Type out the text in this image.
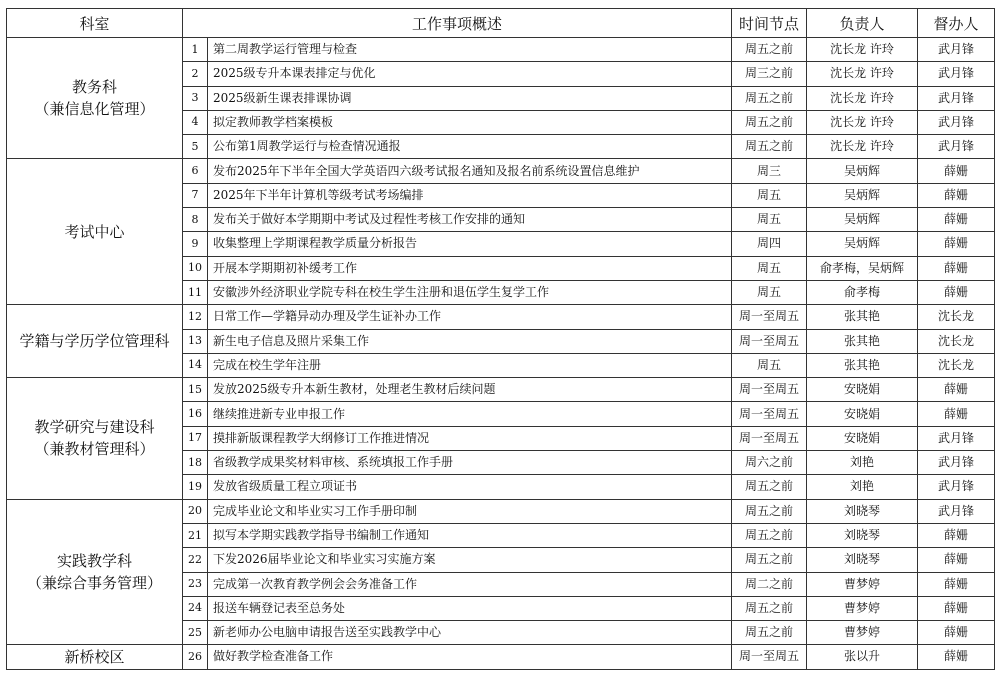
科室	工作事项概述		时间节点	负责人	督办人

教务科
（兼信息化管理）	1	第二周教学运行管理与检查	周五之前	沈长龙 许玲	武月锋
	2	2025级专升本课表排定与优化	周三之前	沈长龙 许玲	武月锋
	3	2025级新生课表排课协调	周五之前	沈长龙 许玲	武月锋
	4	拟定教师教学档案模板	周五之前	沈长龙 许玲	武月锋
	5	公布第1周教学运行与检查情况通报	周五之前	沈长龙 许玲	武月锋

考试中心	6	发布2025年下半年全国大学英语四六级考试报名通知及报名前系统设置信息维护	周三	吴炳辉	薛姗
	7	2025年下半年计算机等级考试考场编排	周五	吴炳辉	薛姗
	8	发布关于做好本学期期中考试及过程性考核工作安排的通知	周五	吴炳辉	薛姗
	9	收集整理上学期课程教学质量分析报告	周四	吴炳辉	薛姗
	10	开展本学期期初补缓考工作	周五	俞孝梅，吴炳辉	薛姗
	11	安徽涉外经济职业学院专科在校生学生注册和退伍学生复学工作	周五	俞孝梅	薛姗

学籍与学历学位管理科	12	日常工作—学籍异动办理及学生证补办工作	周一至周五	张其艳	沈长龙
	13	新生电子信息及照片采集工作	周一至周五	张其艳	沈长龙
	14	完成在校生学年注册	周五	张其艳	沈长龙

教学研究与建设科
（兼教材管理科）	15	发放2025级专升本新生教材，处理老生教材后续问题	周一至周五	安晓娟	薛姗
	16	继续推进新专业申报工作	周一至周五	安晓娟	薛姗
	17	摸排新版课程教学大纲修订工作推进情况	周一至周五	安晓娟	武月锋
	18	省级教学成果奖材料审核、系统填报工作手册	周六之前	刘艳	武月锋
	19	发放省级质量工程立项证书	周五之前	刘艳	武月锋

实践教学科
（兼综合事务管理）	20	完成毕业论文和毕业实习工作手册印制	周五之前	刘晓琴	武月锋
	21	拟写本学期实践教学指导书编制工作通知	周五之前	刘晓琴	薛姗
	22	下发2026届毕业论文和毕业实习实施方案	周五之前	刘晓琴	薛姗
	23	完成第一次教育教学例会会务准备工作	周二之前	曹梦婷	薛姗
	24	报送车辆登记表至总务处	周五之前	曹梦婷	薛姗
	25	新老师办公电脑申请报告送至实践教学中心	周五之前	曹梦婷	薛姗

新桥校区	26	做好教学检查准备工作	周一至周五	张以升	薛姗
